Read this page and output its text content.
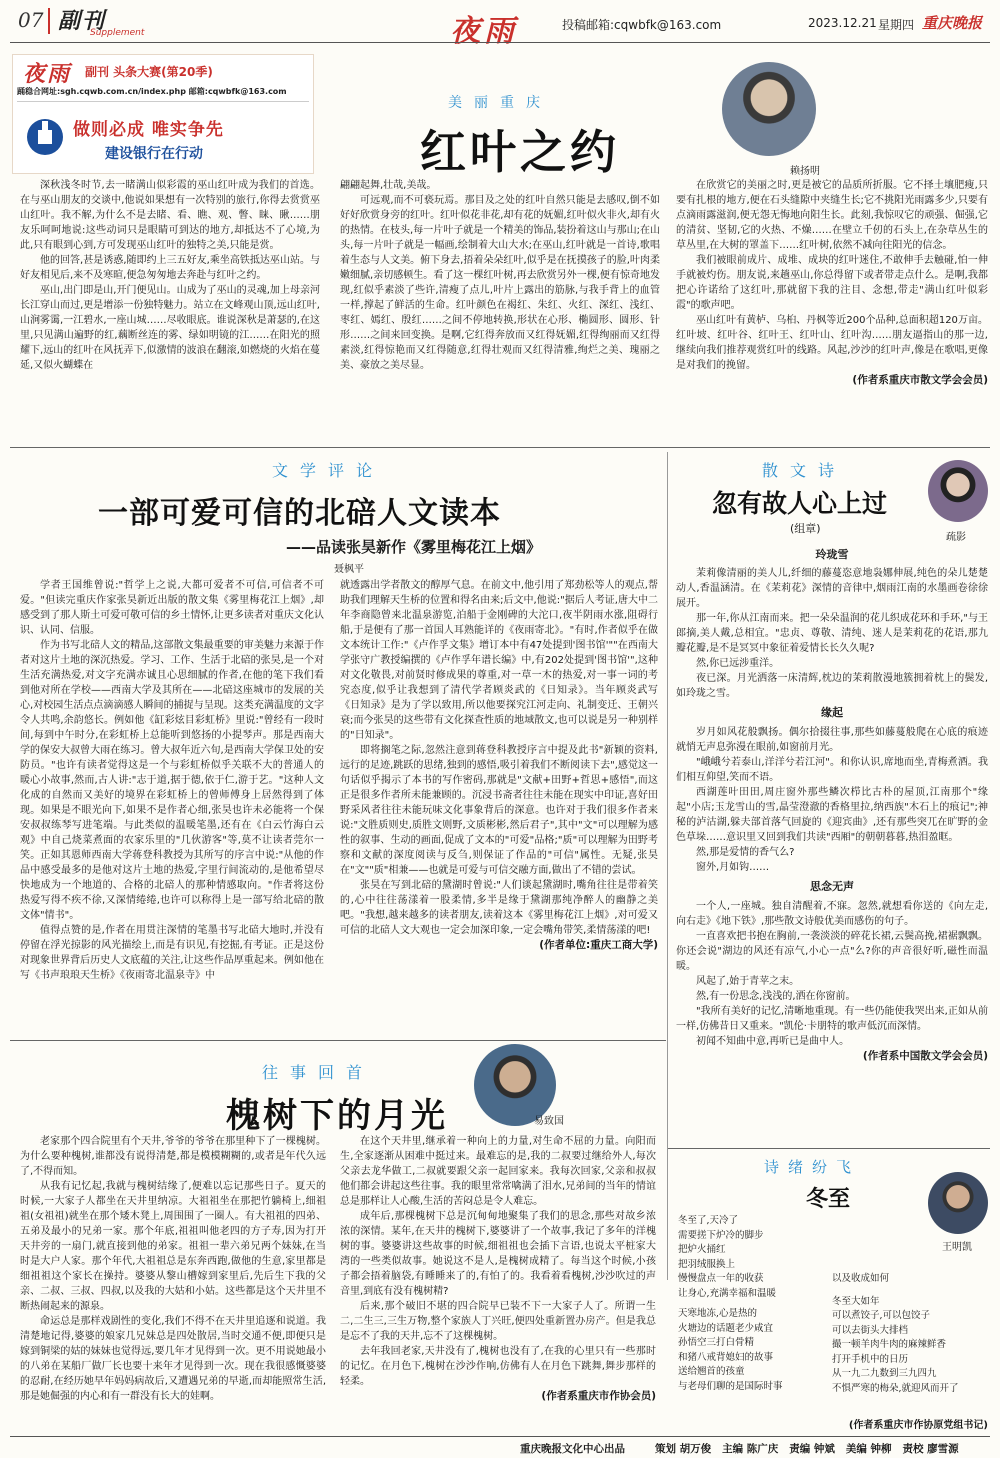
07 副刊
Supplement	夜雨	投稿邮箱:cqwbfk@163.com	2023.12.21 星期四 重庆晚报
夜雨 副刊 头条大赛(第20季)
踊稳合网址:sgh.cqwb.com.cn/index.php 邮箱:cqwbfk@163.com
做则必成 唯实争先
建设银行在行动
美丽重庆
红叶之约	赖扬明

深秋浅冬时节,去一睹满山似彩霞的巫山红叶成为我们的首选。在与巫山朋友的交谈中,他说如果想有一次特别的旅行,你得去赏赏巫山红叶。我不解,为什么不是去睹、看、瞧、观、瞥、睐、瞅……朋友乐呵呵地说:这些动词只是眼睛可到达的地方,却抵达不了心境,为此,只有眼到心到,方可发现巫山红叶的独特之美,只能是赏。

他的回答,甚是诱惑,随即约上三五好友,乘坐高铁抵达巫山站。与好友相见后,来不及寒暄,便急匆匆地去奔赴与红叶之约。

巫山,出门即是山,开门便见山。山成为了巫山的灵魂,加上母亲河长江穿山而过,更是增添一份独特魅力。站立在文峰观山顶,远山红叶,山涧雾霭,一江碧水,一座山城……尽收眼底。谁说深秋是萧瑟的,在这里,只见满山遍野的红,藕断丝连的雾、绿如明镜的江……在阳光的照耀下,远山的红叶在风抚弄下,似激情的波浪在翻滚,如燃烧的火焰在蔓延,又似火蝴蝶在

翩翩起舞,壮哉,美哉。

可远观,而不可亵玩焉。那目及之处的红叶自然只能是去感叹,倒不如好好欣赏身旁的红叶。红叶似花非花,却有花的妩媚,红叶似火非火,却有火的热情。在枝头,每一片叶子就是一个精美的饰品,装扮着这山与那山;在山头,每一片叶子就是一幅画,绘制着大山大水;在巫山,红叶就是一首诗,歌唱着生态与人文美。俯下身去,捂着朵朵红叶,似乎是在抚摸孩子的脸,叶肉柔嫩细腻,亲切感顿生。看了这一棵红叶树,再去欣赏另外一棵,便有惊奇地发现,红似乎素淡了些许,清瘦了点儿,叶片上露出的筋脉,与我手背上的血管一样,撑起了鲜活的生命。红叶颜色在褐红、朱红、火红、深红、浅红、枣红、嫣红、殷红……之间不停地转换,形状在心形、椭圆形、圆形、针形……之间来回变换。是啊,它红得奔放而又红得妩媚,红得绚丽而又红得素淡,红得惊艳而又红得随意,红得壮观而又红得清雅,绚烂之美、瑰丽之美、豪放之美尽显。

在欣赏它的美丽之时,更是被它的品质所折服。它不择土壤肥瘦,只要有扎根的地方,便在石头缝隙中夹缝生长;它不挑阳光雨露多少,只要有点滴雨露滋润,便无怨无悔地向阳生长。此刻,我惊叹它的顽强、倔强,它的清贫、坚韧,它的火热、不燥……在壁立千仞的石头上,在杂草丛生的草丛里,在大树的罩盖下……红叶树,依然不减向往阳光的信念。

我们被眼前成片、成堆、成块的红叶迷住,不敢伸手去触碰,怕一伸手就被灼伤。朋友说,来趟巫山,你总得留下或者带走点什么。是啊,我都把心许诺给了这红叶,那就留下我的注目、念想,带走"满山红叶似彩霞"的歌声吧。

巫山红叶有黄栌、乌桕、丹枫等近200个品种,总面积超120万亩。红叶坡、红叶谷、红叶王、红叶山、红叶沟……朋友逼指山的那一边,继续向我们推荐观赏红叶的线路。风起,沙沙的红叶声,像是在歌唱,更像是对我们的挽留。

(作者系重庆市散文学会会员)

文学评论
一部可爱可信的北碚人文读本
——品读张昊新作《雾里梅花江上烟》
聂枫平

学者王国维曾说:"哲学上之说,大都可爱者不可信,可信者不可爱。"但读完重庆作家张昊新近出版的散文集《雾里梅花江上烟》,却感受到了那人斯土可爱可敬可信的乡土情怀,让更多读者对重庆文化认识、认同、信服。

作为书写北碚人文的精品,这部散文集最重要的审美魅力来源于作者对这片土地的深沉热爱。学习、工作、生活于北碚的张昊,是一个对生活充满热爱,对文字充满赤诚且心思细腻的作者,在他的笔下我们看到他对所在学校——西南大学及其所在——北碚这座城市的发展的关心,对校园生活点点滴滴感人瞬间的捕捉与呈现。这类充满温度的文字令人共鸣,余韵悠长。例如他《缸彩炫目彩虹桥》里说:"曾经有一段时间,每到中午时分,在彩虹桥上总能听到悠扬的小提琴声。那是西南大学的保安大叔曾大雨在练习。曾大叔年近六旬,是西南大学保卫处的安防员。"也许有读者觉得这是一个与彩虹桥似乎关联不大的普通人的暖心小故事,然而,古人讲:"志于道,据于德,依于仁,游于艺。"这种人文化成的自然而又美好的境界在彩虹桥上的曾师傅身上居然得到了体现。如果是不眼光向下,如果不是作者心细,张昊也许未必能将一个保安叔叔练琴写进笔端。与此类似的温暖笔墨,还有在《白云竹海白云观》中自己烧菜煮面的农家乐里的"几伙游客"等,莫不让读者莞尔一笑。正如其恩师西南大学蒋登科教授为其所写的序言中说:"从他的作品中感受最多的是他对这片土地的热爱,字里行间流动的,是他希望尽快地成为一个地道的、合格的北碚人的那种情感取向。"作者将这份热爱写得不疾不徐,又深情绻绻,也许可以称得上是一部写给北碚的散文体"情书"。

值得点赞的是,作者在用贯注深情的笔墨书写北碚大地时,并没有停留在浮光掠影的风光描绘上,而是有识见,有挖掘,有考证。正是这份对现象世界背后历史人文底蕴的关注,让这些作品厚重起来。例如他在写《书声琅琅天生桥》《夜雨寄北温泉寺》中

就透露出学者散文的醇厚气息。在前文中,他引用了郑劲松等人的观点,帮助我们理解天生桥的位置和得名由来;后文中,他说:"据后人考证,唐大中二年李商隐曾来北温泉游览,泊船于金刚碑的大沱口,夜半阴雨水涨,阻碍行船,于是便有了那一首国人耳熟能详的《夜雨寄北》。"有时,作者似乎在做文本统计工作:"《卢作孚文集》增订本中有47处提到'图书馆'""在西南大学张守广教授编撰的《卢作孚年谱长编》中,有202处提到'图书馆'",这种对文化敬畏,对前贤时修成果的尊重,对一草一木的热爱,对一事一词的考究态度,似乎让我想到了清代学者顾炎武的《日知录》。当年顾炎武写《日知录》是为了学以致用,所以他要探究江河走向、礼制变迁、王朝兴衰;而今张昊的这些带有文化探查性质的地域散文,也可以说是另一种别样的"日知录"。

即将搁笔之际,忽然注意到蒋登科教授序言中提及此书"新颖的资料,远行的足迹,跳跃的思绪,独到的感悟,吸引着我们不断阅读下去",感觉这一句话似乎揭示了本书的写作密码,那就是"文献+田野+哲思+感悟",而这正是很多作者所未能兼顾的。沉浸书斋者往往未能在现实中印证,喜好田野采风者往往未能玩味文化事象背后的深意。也许对于我们很多作者来说:"文胜质则史,质胜文则野,文质彬彬,然后君子",其中"文"可以理解为感性的叙事、生动的画面,促成了文本的"可爱"品格;"质"可以理解为田野考察和文献的深度阅读与反刍,则保证了作品的"可信"属性。无疑,张昊在"文""质"相兼——也就是可爱与可信交融方面,做出了不错的尝试。

张昊在写到北碚的黛湖时曾说:"人们谈起黛湖时,嘴角往往是带着笑的,心中往往荡漾着一股柔情,多半是缘于黛湖那纯净醉人的幽静之美吧。"我想,越来越多的读者朋友,读着这本《雾里梅花江上烟》,对可爱又可信的北碚人文大观也一定会加深印象,一定会嘴角带笑,柔情荡漾的吧!

(作者单位:重庆工商大学)

往事回首
槐树下的月光	易致国

老家那个四合院里有个天井,爷爷的爷爷在那里种下了一棵槐树。为什么要种槐树,谁都没有说得清楚,都是模模糊糊的,或者是年代久远了,不得而知。

从我有记忆起,我就与槐树结缘了,便难以忘记那些日子。夏天的时候,一大家子人都坐在天井里纳凉。大祖祖坐在那把竹躺椅上,细祖祖(女祖祖)就坐在那个矮木凳上,周围围了一圈人。有大祖祖的四弟、五弟及最小的兄弟一家。那个年底,祖祖叫他老四的方子寿,因为打开天井旁的一扇门,就直接到他的弟家。祖祖一辈六弟兄两个妹妹,在当时是大户人家。那个年代,大祖祖总是东奔西跑,做他的生意,家里都是细祖祖这个家长在操持。婆婆从黎山槽嫁到家里后,先后生下我的父亲、二叔、三叔、四叔,以及我的大姑和小姑。这些都是这个天井里不断热闹起来的源泉。

命运总是那样戏剧性的变化,我们不得不在天井里追逐和说道。我清楚地记得,婆婆的娘家几兄妹总是四处散居,当时交通不便,即便只是嫁到铜梁的姑的妹妹也觉得远,要几年才见得到一次。更不用说她最小的八弟在某船厂做厂长也要十来年才见得到一次。现在我很感慨婆婆的忍耐,在经历她早年妈妈病故后,又遭遇兄弟的早逝,而却能照常生活,那是她倔强的内心和有一群没有长大的娃啊。

在这个天井里,继承着一种向上的力量,对生命不屈的力量。向阳而生,全家逐渐从困难中挺过来。最难忘的是,我的二叔要过继给外人,每次父亲去龙华做工,二叔就要跟父亲一起回家来。我每次回家,父亲和叔叔他们都会讲起这些往事。我的眼里常常噙满了泪水,兄弟间的当年的情谊总是那样让人心酸,生活的苦闷总是令人难忘。

成年后,那棵槐树下总是沉甸甸地聚集了我们的思念,那些对故乡浓浓的深情。某年,在天井的槐树下,婆婆讲了一个故事,我记了多年的洋槐树的事。婆婆讲这些故事的时候,细祖祖也会插下言语,也说太平桩家大湾的一些类似故事。她说这不是人,是槐树成精了。每当这个时候,小孩子都会捂着脑袋,有睡睡来了的,有怕了的。我看着看槐树,沙沙吹过的声音里,到底有没有槐树精?

后来,那个破旧不堪的四合院早已装不下一大家子人了。所谓一生二,二生三,三生万物,整个家族人丁兴旺,便四处重新置办房产。但是我总是忘不了我的天井,忘不了这棵槐树。

去年我回老家,天井没有了,槐树也没有了,在我的心里只有一些那时的记忆。在月色下,槐树在沙沙作响,仿佛有人在月色下跳舞,舞步那样的轻柔。

(作者系重庆市作协会员)

散文诗
忽有故人心上过
(组章)
疏影

玲珑雪

茉莉像清丽的美人儿,纤细的藤蔓恣意地袅娜伸展,纯色的朵儿楚楚动人,香温涵清。在《茉莉花》深情的音律中,烟雨江南的水墨画卷徐徐展开。

那一年,你从江南而来。把一朵朵温润的花儿织成花环和手环,"与王郎摘,美人戴,总相宜。"忠贞、尊敬、清纯、迷人是茉莉花的花语,那九瓣花瓣,是不是冥冥中象征着爱情长长久久呢?

然,你已远涉重洋。

夜已深。月光洒落一床清辉,枕边的茉莉散漫地簇拥着枕上的鬓发,如玲珑之雪。

缘起

岁月如风花般飘扬。偶尔拾掇往事,那些如藤蔓般爬在心底的痕迹就悄无声息弥漫在眼前,如窗前月光。

"峨峨兮若泰山,洋洋兮若江河"。和你认识,席地而坐,青梅煮酒。我们相互仰望,笑而不语。

西湖莲叶田田,周庄窗外那些鳞次栉比古朴的屋顶,江南那个"缘起"小店;玉龙雪山的雪,晶莹澄澈的香格里拉,纳西族"木石上的痕记";神秘的泸沽湖,躲夫部首落气回旋的《迎宾曲》,还有那些突兀在旷野的金色草垛……意识里又回到我们共读"西厢"的朝朝暮暮,热泪盈眶。

然,那是爱情的香气么?

窗外,月如钩……

思念无声

一个人,一座城。独自清醒着,不寐。忽然,就想看你送的《向左走,向右走》《地下铁》,那些散文诗般优美而感伤的句子。

一直喜欢把书抱在胸前,一袭淡淡的碎花长裙,云鬓高挽,裙裾飘飘。你还会说"湖边的风还有凉气,小心一点"么?你的声音很好听,磁性而温暖。

风起了,始于青苹之末。

然,有一份思念,浅浅的,洒在你窗前。

"我所有美好的记忆,清晰地重现。有一些仍能使我哭出来,正如从前一样,仿佛昔日又重来。"凯伦·卡朋特的歌声低沉而深情。

初闻不知曲中意,再听已是曲中人。

(作者系中国散文学会会员)

诗绪纷飞
冬至
王明凯
冬至了,天冷了
需要搓下炉冷的脚步
把炉火捅红
把羽绒服换上
慢慢盘点一年的收获
让身心,充满幸福和温暖
天寒地冻,心是热的
火塘边的话题老少咸宜
孙悟空三打白骨精
和猪八戒背媳妇的故事
送给翘首的孩童
与老母们聊的是国际时事
以及收成如何
冬至大如年
可以煮饺子,可以包饺子
可以去街头大排档
撮一顿羊肉牛肉的麻辣鲜香
打开手机中的日历
从一九二九数到三九四九
不惧严寒的梅朵,就迎风而开了
(作者系重庆市作协原党组书记)
重庆晚报文化中心出品	策划 胡万俊   主编 陈广庆   责编 钟斌   美编 钟柳   责校 廖雪源
